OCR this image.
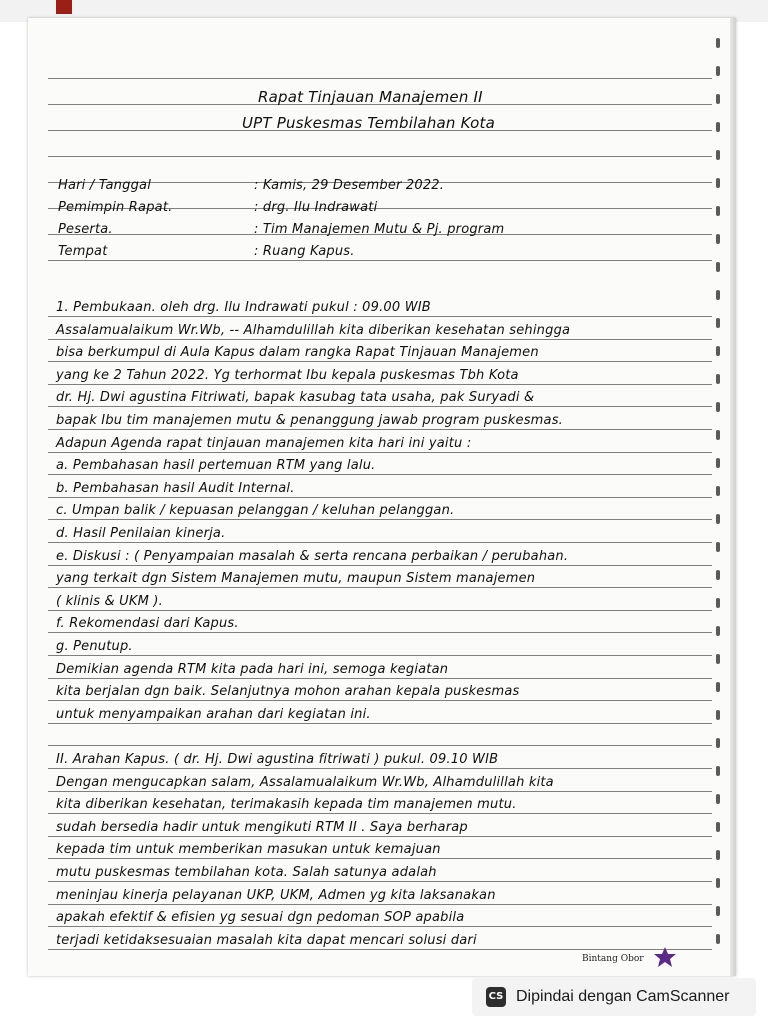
Rapat Tinjauan Manajemen II
UPT Puskesmas Tembilahan Kota
Hari / Tanggal	: Kamis, 29 Desember 2022.
Pemimpin Rapat.	: drg. Ilu Indrawati
Peserta.	: Tim Manajemen Mutu & Pj. program
Tempat	: Ruang Kapus.
1. Pembukaan. oleh drg. Ilu Indrawati pukul : 09.00 WIB
Assalamualaikum Wr.Wb, -- Alhamdulillah kita diberikan kesehatan sehingga
bisa berkumpul di Aula Kapus dalam rangka Rapat Tinjauan Manajemen
yang ke 2 Tahun 2022. Yg terhormat Ibu kepala puskesmas Tbh Kota
dr. Hj. Dwi agustina Fitriwati, bapak kasubag tata usaha, pak Suryadi &
bapak Ibu tim manajemen mutu & penanggung jawab program puskesmas.
Adapun Agenda rapat tinjauan manajemen kita hari ini yaitu :
a. Pembahasan hasil pertemuan RTM yang lalu.
b. Pembahasan hasil Audit Internal.
c. Umpan balik / kepuasan pelanggan / keluhan pelanggan.
d. Hasil Penilaian kinerja.
e. Diskusi : ( Penyampaian masalah & serta rencana perbaikan / perubahan.
yang terkait dgn Sistem Manajemen mutu, maupun Sistem manajemen
( klinis & UKM ).
f. Rekomendasi dari Kapus.
g. Penutup.
Demikian agenda RTM kita pada hari ini, semoga kegiatan
kita berjalan dgn baik. Selanjutnya mohon arahan kepala puskesmas
untuk menyampaikan arahan dari kegiatan ini.
II. Arahan Kapus. ( dr. Hj. Dwi agustina fitriwati ) pukul. 09.10 WIB
Dengan mengucapkan salam, Assalamualaikum Wr.Wb, Alhamdulillah kita
kita diberikan kesehatan, terimakasih kepada tim manajemen mutu.
sudah bersedia hadir untuk mengikuti RTM II . Saya berharap
kepada tim untuk memberikan masukan untuk kemajuan
mutu puskesmas tembilahan kota. Salah satunya adalah
meninjau kinerja pelayanan UKP, UKM, Admen yg kita laksanakan
apakah efektif & efisien yg sesuai dgn pedoman SOP apabila
terjadi ketidaksesuaian masalah kita dapat mencari solusi dari
Bintang Obor
CS Dipindai dengan CamScanner
